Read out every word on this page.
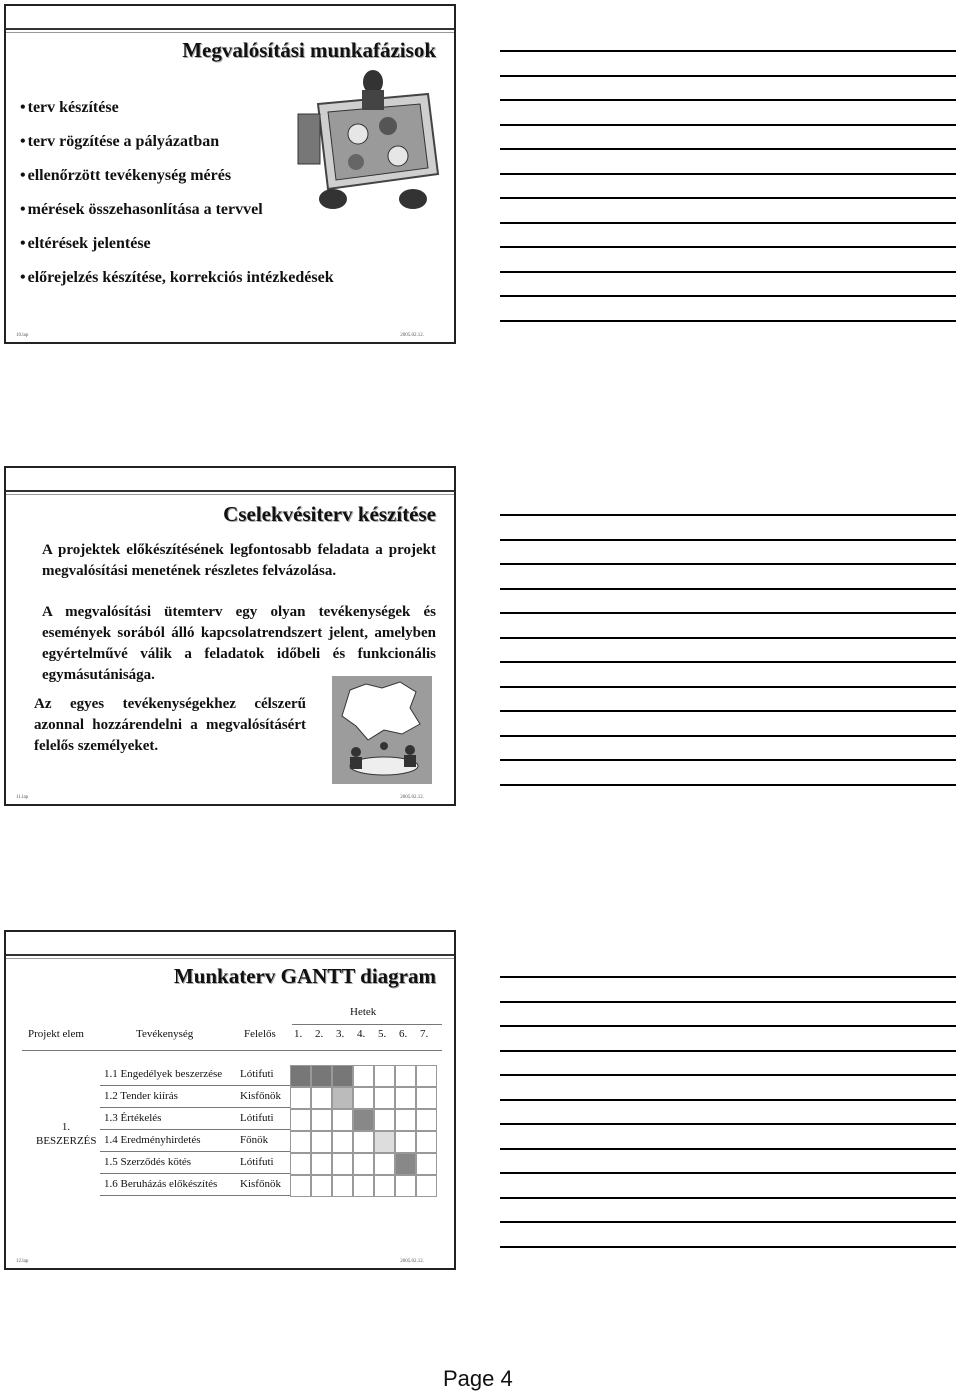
Megvalósítási munkafázisok
• terv készítése
• terv rögzítése a pályázatban
• ellenőrzött tevékenység mérés
• mérések összehasonlítása a tervvel
• eltérések jelentése
• előrejelzés készítése, korrekciós intézkedések
10.lap	2005.02.12.
Cselekvésiterv készítése
A projektek előkészítésének legfontosabb feladata a projekt megvalósítási menetének részletes felvázolása.
A megvalósítási ütemterv egy olyan tevékenységek és események sorából álló kapcsolatrendszert jelent, amelyben egyértelművé válik a feladatok időbeli és funkcionális egymásutánisága.
Az egyes tevékenységekhez célszerű azonnal hozzárendelni a megvalósításért felelős személyeket.
11.lap	2005.02.12.
Munkaterv GANTT diagram
Hetek
Projekt elem	Tevékenység	Felelős 1. 2. 3. 4. 5. 6. 7.
1. BESZERZÉS
1.1 Engedélyek beszerzése Lótifuti
1.2 Tender kiírás	Kisfőnök
1.3 Értékelés	Lótifuti
1.4 Eredményhirdetés	Főnök
1.5 Szerződés kötés	Lótifuti
1.6 Beruházás előkészítés Kisfőnök
12.lap	2005.02.12.
Page 4
